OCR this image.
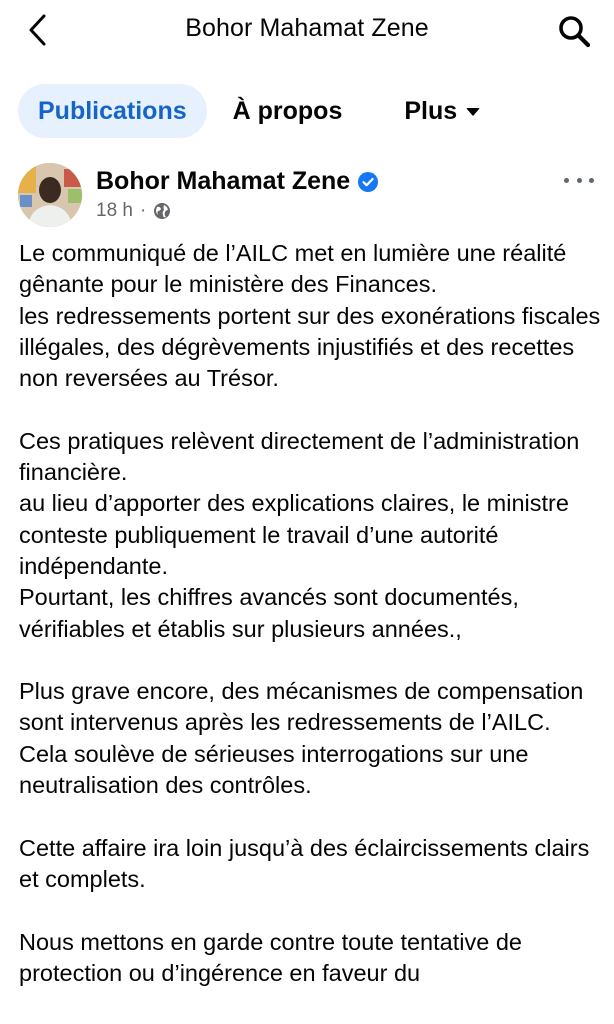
Bohor Mahamat Zene
Publications À propos Plus
Bohor Mahamat Zene
18 h ·

Le communiqué de l’AILC met en lumière une réalité gênante pour le ministère des Finances.
les redressements portent sur des exonérations fiscales illégales, des dégrèvements injustifiés et des recettes non reversées au Trésor.

Ces pratiques relèvent directement de l’administration financière.
au lieu d’apporter des explications claires, le ministre conteste publiquement le travail d’une autorité indépendante.
Pourtant, les chiffres avancés sont documentés, vérifiables et établis sur plusieurs années.,

Plus grave encore, des mécanismes de compensation sont intervenus après les redressements de l’AILC.
Cela soulève de sérieuses interrogations sur une neutralisation des contrôles.

Cette affaire ira loin jusqu’à des éclaircissements clairs et complets.

Nous mettons en garde contre toute tentative de protection ou d’ingérence en faveur du
